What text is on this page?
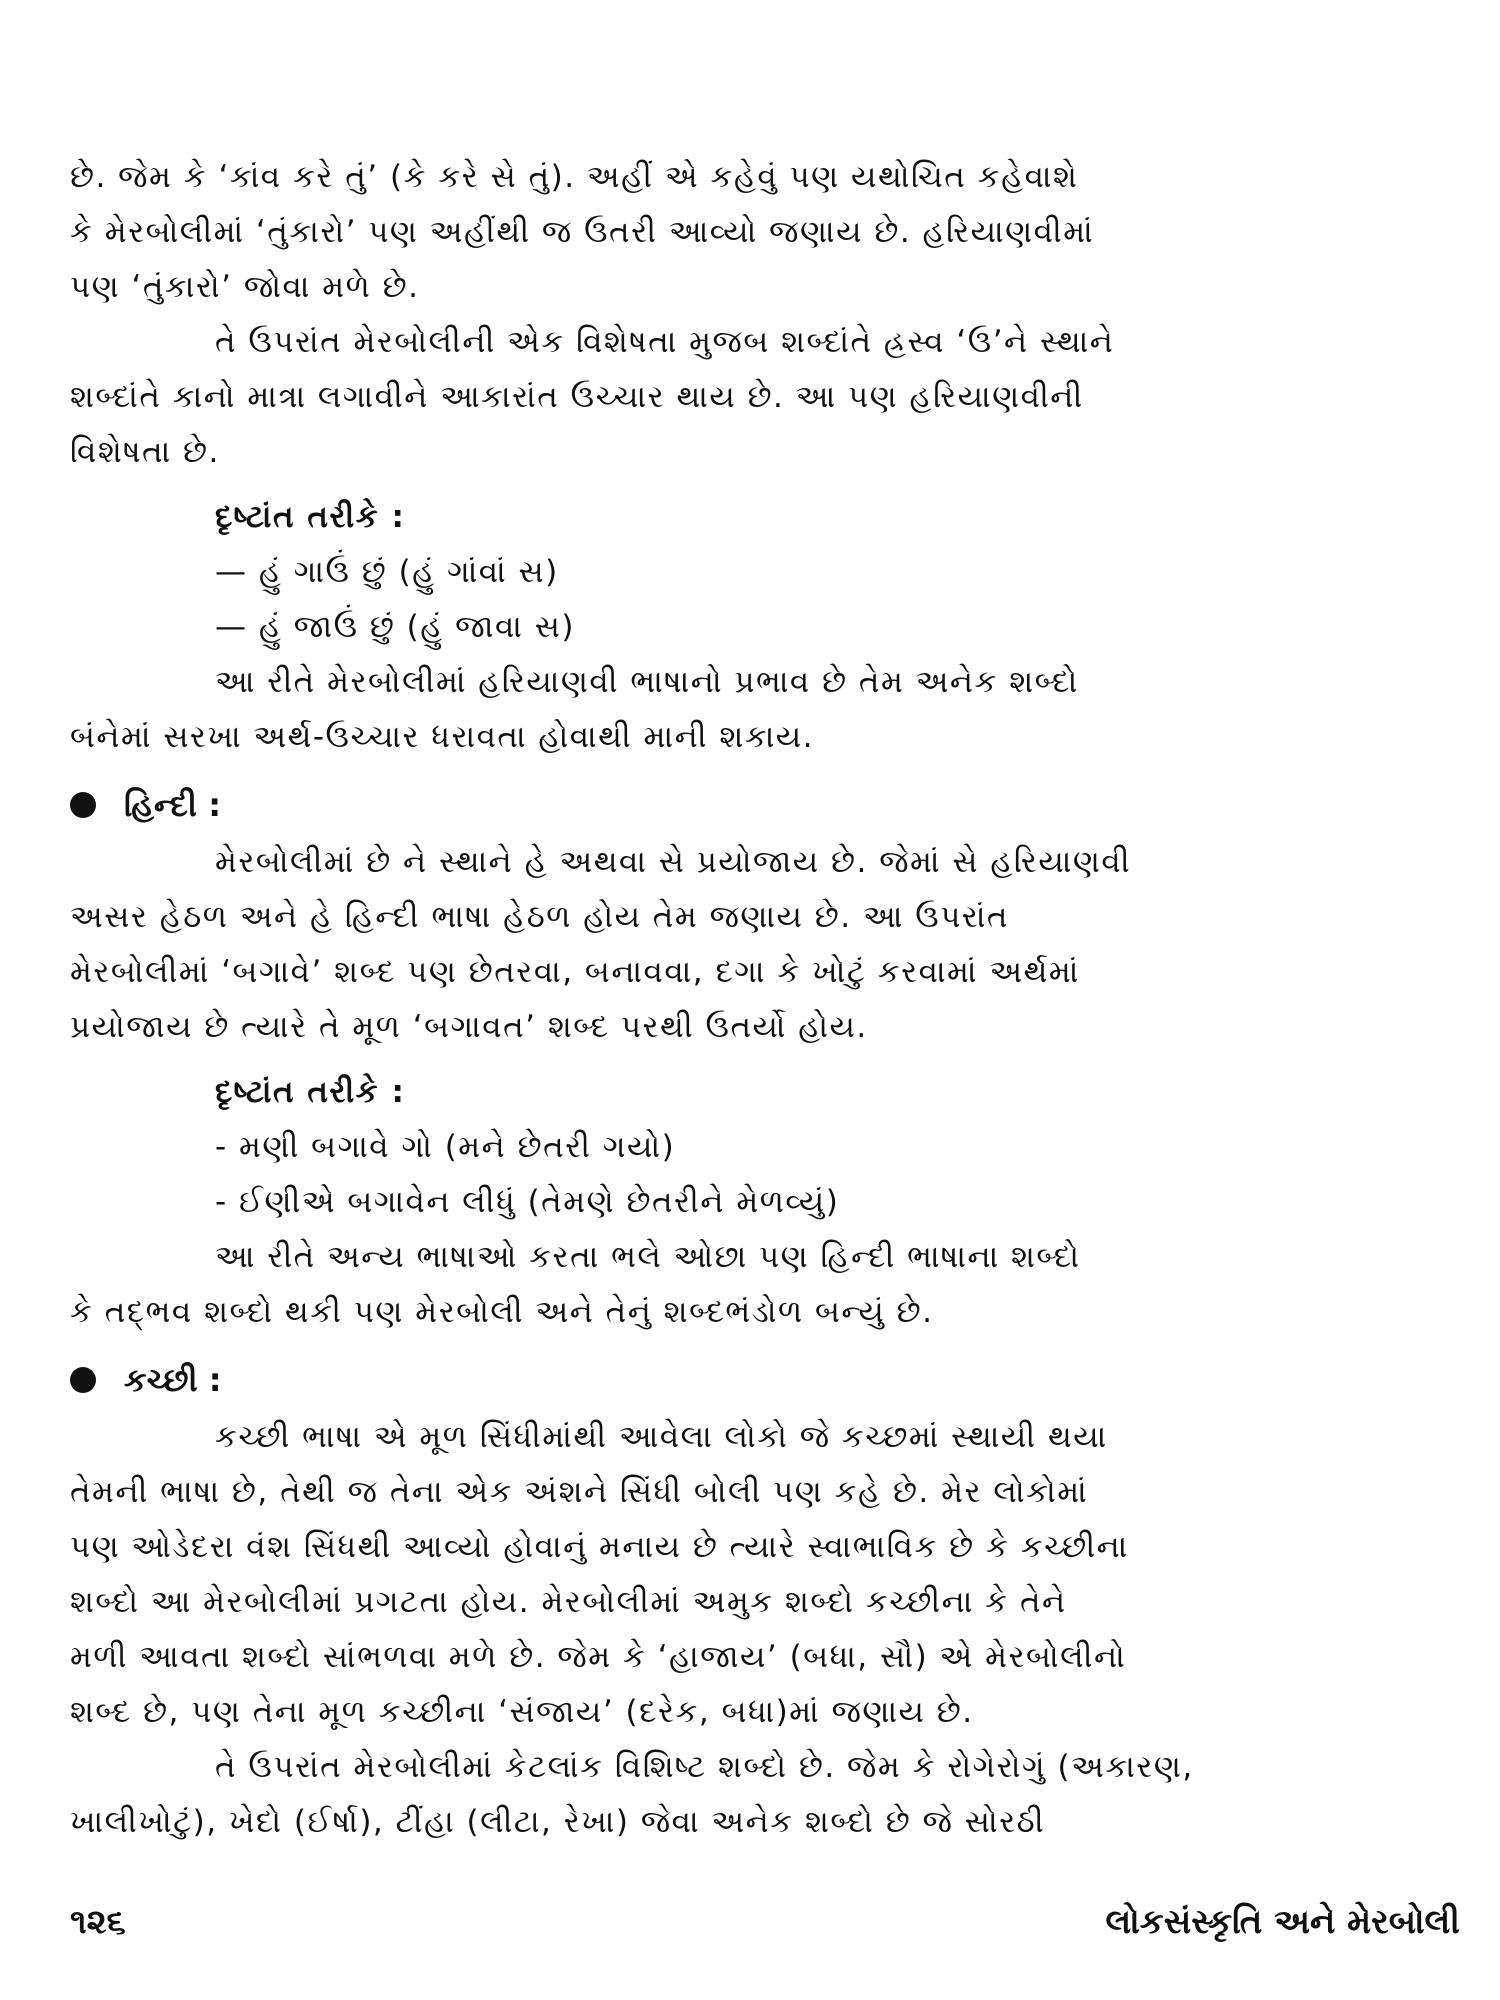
છે. જેમ કે ‘કાંવ કરે તું’ (કે કરે સે તું). અહીં એ કહેવું પણ યથોચિત કહેવાશે
કે મેરબોલીમાં ‘તુંકારો’ પણ અહીંથી જ ઉતરી આવ્યો જણાય છે. હરિયાણવીમાં
પણ ‘તુંકારો’ જોવા મળે છે.
તે ઉપરાંત મેરબોલીની એક વિશેષતા મુજબ શબ્દાંતે હ્રસ્વ ‘ઉ’ને સ્થાને
શબ્દાંતે કાનો માત્રા લગાવીને આકારાંત ઉચ્ચાર થાય છે. આ પણ હરિયાણવીની
વિશેષતા છે.
દૃષ્ટાંત તરીકે :
— હું ગાઉં છું (હું ગાંવાં સ)
— હું જાઉં છું (હું જાવા સ)
આ રીતે મેરબોલીમાં હરિયાણવી ભાષાનો પ્રભાવ છે તેમ અનેક શબ્દો
બંનેમાં સરખા અર્થ-ઉચ્ચાર ધરાવતા હોવાથી માની શકાય.
હિન્દી :
મેરબોલીમાં છે ને સ્થાને હે અથવા સે પ્રયોજાય છે. જેમાં સે હરિયાણવી
અસર હેઠળ અને હે હિન્દી ભાષા હેઠળ હોય તેમ જણાય છે. આ ઉપરાંત
મેરબોલીમાં ‘બગાવે’ શબ્દ પણ છેતરવા, બનાવવા, દગા કે ખોટું કરવામાં અર્થમાં
પ્રયોજાય છે ત્યારે તે મૂળ ‘બગાવત’ શબ્દ પરથી ઉતર્યો હોય.
દૃષ્ટાંત તરીકે :
- મણી બગાવે ગો (મને છેતરી ગયો)
- ઈણીએ બગાવેન લીધું (તેમણે છેતરીને મેળવ્યું)
આ રીતે અન્ય ભાષાઓ કરતા ભલે ઓછા પણ હિન્દી ભાષાના શબ્દો
કે તદ્ભવ શબ્દો થકી પણ મેરબોલી અને તેનું શબ્દભંડોળ બન્યું છે.
કચ્છી :
કચ્છી ભાષા એ મૂળ સિંધીમાંથી આવેલા લોકો જે કચ્છમાં સ્થાયી થયા
તેમની ભાષા છે, તેથી જ તેના એક અંશને સિંધી બોલી પણ કહે છે. મેર લોકોમાં
પણ ઓડેદરા વંશ સિંધથી આવ્યો હોવાનું મનાય છે ત્યારે સ્વાભાવિક છે કે કચ્છીના
શબ્દો આ મેરબોલીમાં પ્રગટતા હોય. મેરબોલીમાં અમુક શબ્દો કચ્છીના કે તેને
મળી આવતા શબ્દો સાંભળવા મળે છે. જેમ કે ‘હાજાય’ (બધા, સૌ) એ મેરબોલીનો
શબ્દ છે, પણ તેના મૂળ કચ્છીના ‘સંજાય’ (દરેક, બધા)માં જણાય છે.
તે ઉપરાંત મેરબોલીમાં કેટલાંક વિશિષ્ટ શબ્દો છે. જેમ કે રોગેરોગું (અકારણ,
ખાલીખોટું), ખેદો (ઈર્ષા), ટીંહા (લીટા, રેખા) જેવા અનેક શબ્દો છે જે સોરઠી
૧૨૬	લોકસંસ્કૃતિ અને મેરબોલી
